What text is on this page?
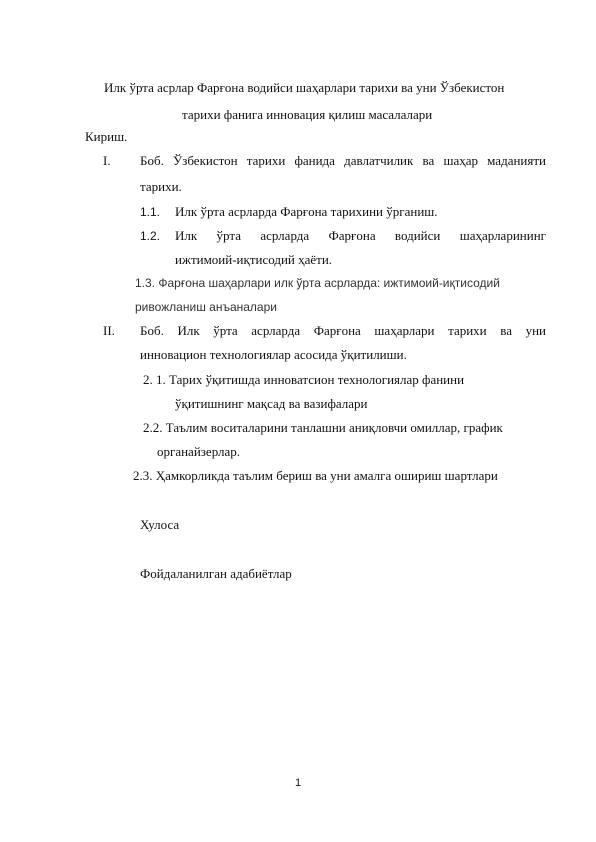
Илк ўрта асрлар Фарғона водийси шаҳарлари тарихи ва уни Ўзбекистон
тарихи фанига инновация қилиш масалалари
Кириш.
I. Боб. Ўзбекистон тарихи фанида давлатчилик ва шаҳар маданияти
тарихи.
1.1. Илк ўрта асрларда Фарғона тарихини ўрганиш.
1.2. Илк ўрта асрларда Фарғона водийси шаҳарларининг
ижтимоий-иқтисодий ҳаёти.
1.3. Фарғона шаҳарлари илк ўрта асрларда: ижтимоий-иқтисодий
ривожланиш анъаналари
II. Боб. Илк ўрта асрларда Фарғона шаҳарлари тарихи ва уни
инновацион технологиялар асосида ўқитилиши.
2. 1. Тарих ўқитишда инноватсион технологиялар фанини
ўқитишнинг мақсад ва вазифалари
2.2. Таълим воситаларини танлашни аниқловчи омиллар, график
органайзерлар.
2.3. Ҳамкорликда таълим бериш ва уни амалга ошириш шартлари
Хулоса
Фойдаланилган адабиётлар
1
